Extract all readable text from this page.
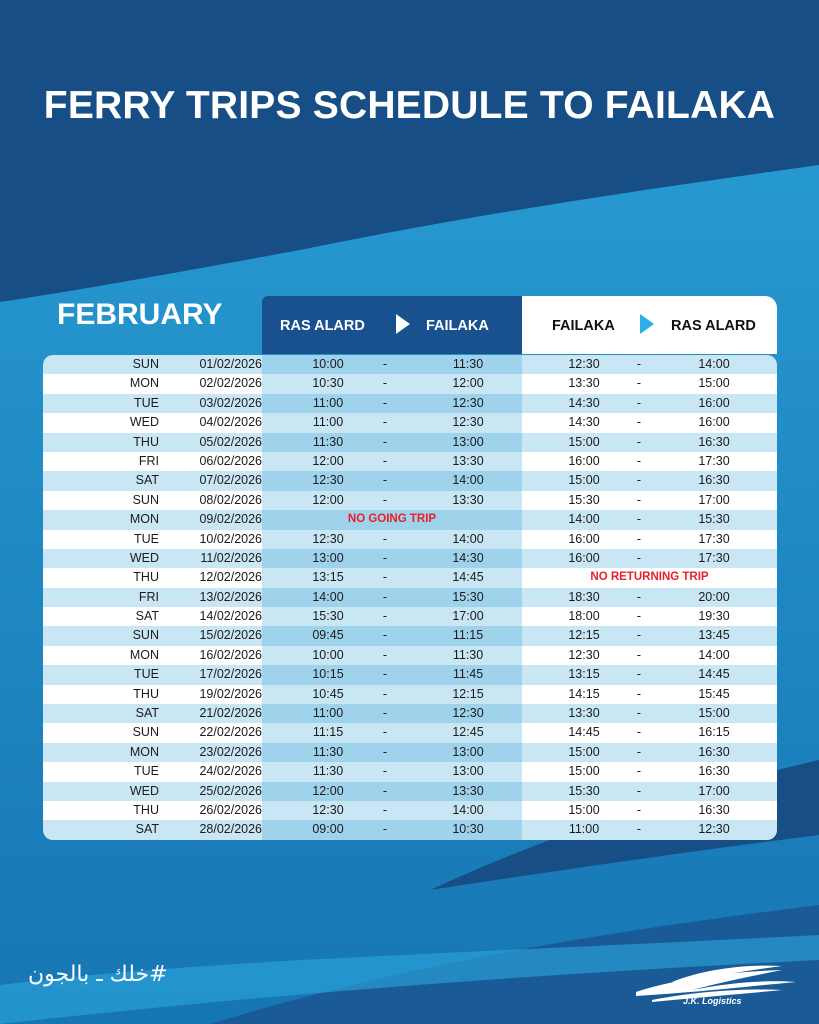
FERRY TRIPS SCHEDULE TO FAILAKA
FEBRUARY	RAS ALARD	FAILAKA	FAILAKA	RAS ALARD
SUN	01/02/2026	10:00	-	11:30	12:30	-	14:00
MON	02/02/2026	10:30	-	12:00	13:30	-	15:00
TUE	03/02/2026	11:00	-	12:30	14:30	-	16:00
WED	04/02/2026	11:00	-	12:30	14:30	-	16:00
THU	05/02/2026	11:30	-	13:00	15:00	-	16:30
FRI	06/02/2026	12:00	-	13:30	16:00	-	17:30
SAT	07/02/2026	12:30	-	14:00	15:00	-	16:30
SUN	08/02/2026	12:00	-	13:30	15:30	-	17:00
MON	09/02/2026	NO GOING TRIP	14:00	-	15:30
TUE	10/02/2026	12:30	-	14:00	16:00	-	17:30
WED	11/02/2026	13:00	-	14:30	16:00	-	17:30
THU	12/02/2026	13:15	-	14:45	NO RETURNING TRIP
FRI	13/02/2026	14:00	-	15:30	18:30	-	20:00
SAT	14/02/2026	15:30	-	17:00	18:00	-	19:30
SUN	15/02/2026	09:45	-	11:15	12:15	-	13:45
MON	16/02/2026	10:00	-	11:30	12:30	-	14:00
TUE	17/02/2026	10:15	-	11:45	13:15	-	14:45
THU	19/02/2026	10:45	-	12:15	14:15	-	15:45
SAT	21/02/2026	11:00	-	12:30	13:30	-	15:00
SUN	22/02/2026	11:15	-	12:45	14:45	-	16:15
MON	23/02/2026	11:30	-	13:00	15:00	-	16:30
TUE	24/02/2026	11:30	-	13:00	15:00	-	16:30
WED	25/02/2026	12:00	-	13:30	15:30	-	17:00
THU	26/02/2026	12:30	-	14:00	15:00	-	16:30
SAT	28/02/2026	09:00	-	10:30	11:00	-	12:30
#خلك ـ بالجون
J.K. Logistics
